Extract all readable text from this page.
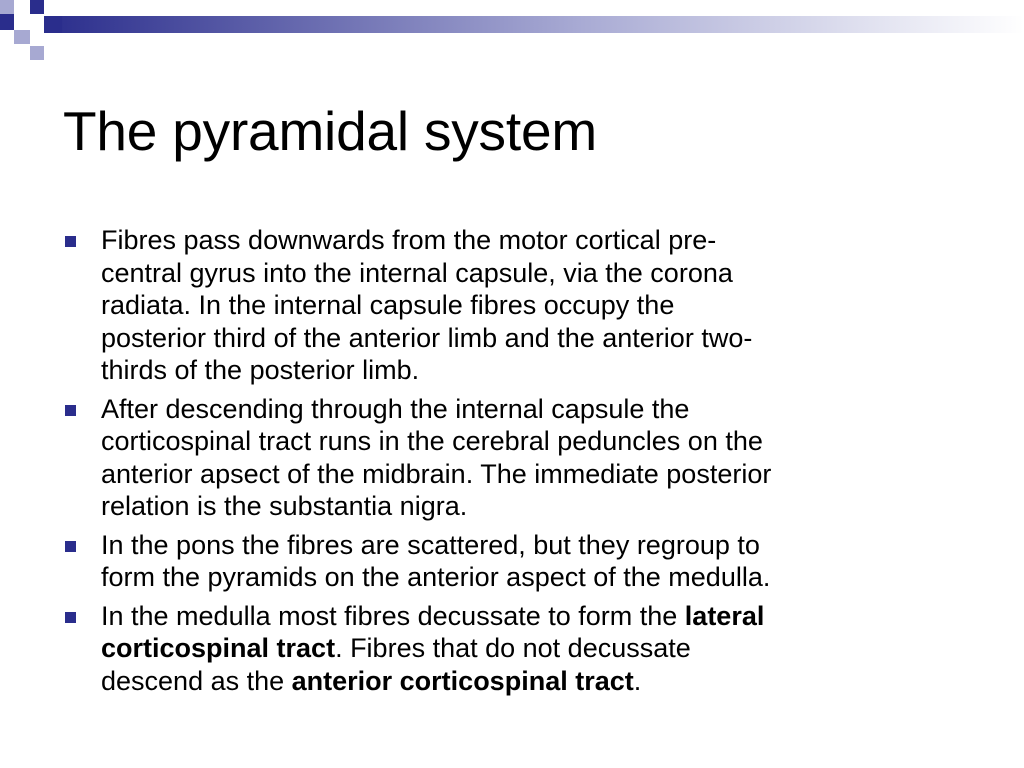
The pyramidal system
Fibres pass downwards from the motor cortical pre-
central gyrus into the internal capsule, via the corona
radiata. In the internal capsule fibres occupy the
posterior third of the anterior limb and the anterior two-
thirds of the posterior limb.
After descending through the internal capsule the
corticospinal tract runs in the cerebral peduncles on the
anterior apsect of the midbrain. The immediate posterior
relation is the substantia nigra.
In the pons the fibres are scattered, but they regroup to
form the pyramids on the anterior aspect of the medulla.
In the medulla most fibres decussate to form the lateral
corticospinal tract. Fibres that do not decussate
descend as the anterior corticospinal tract.
